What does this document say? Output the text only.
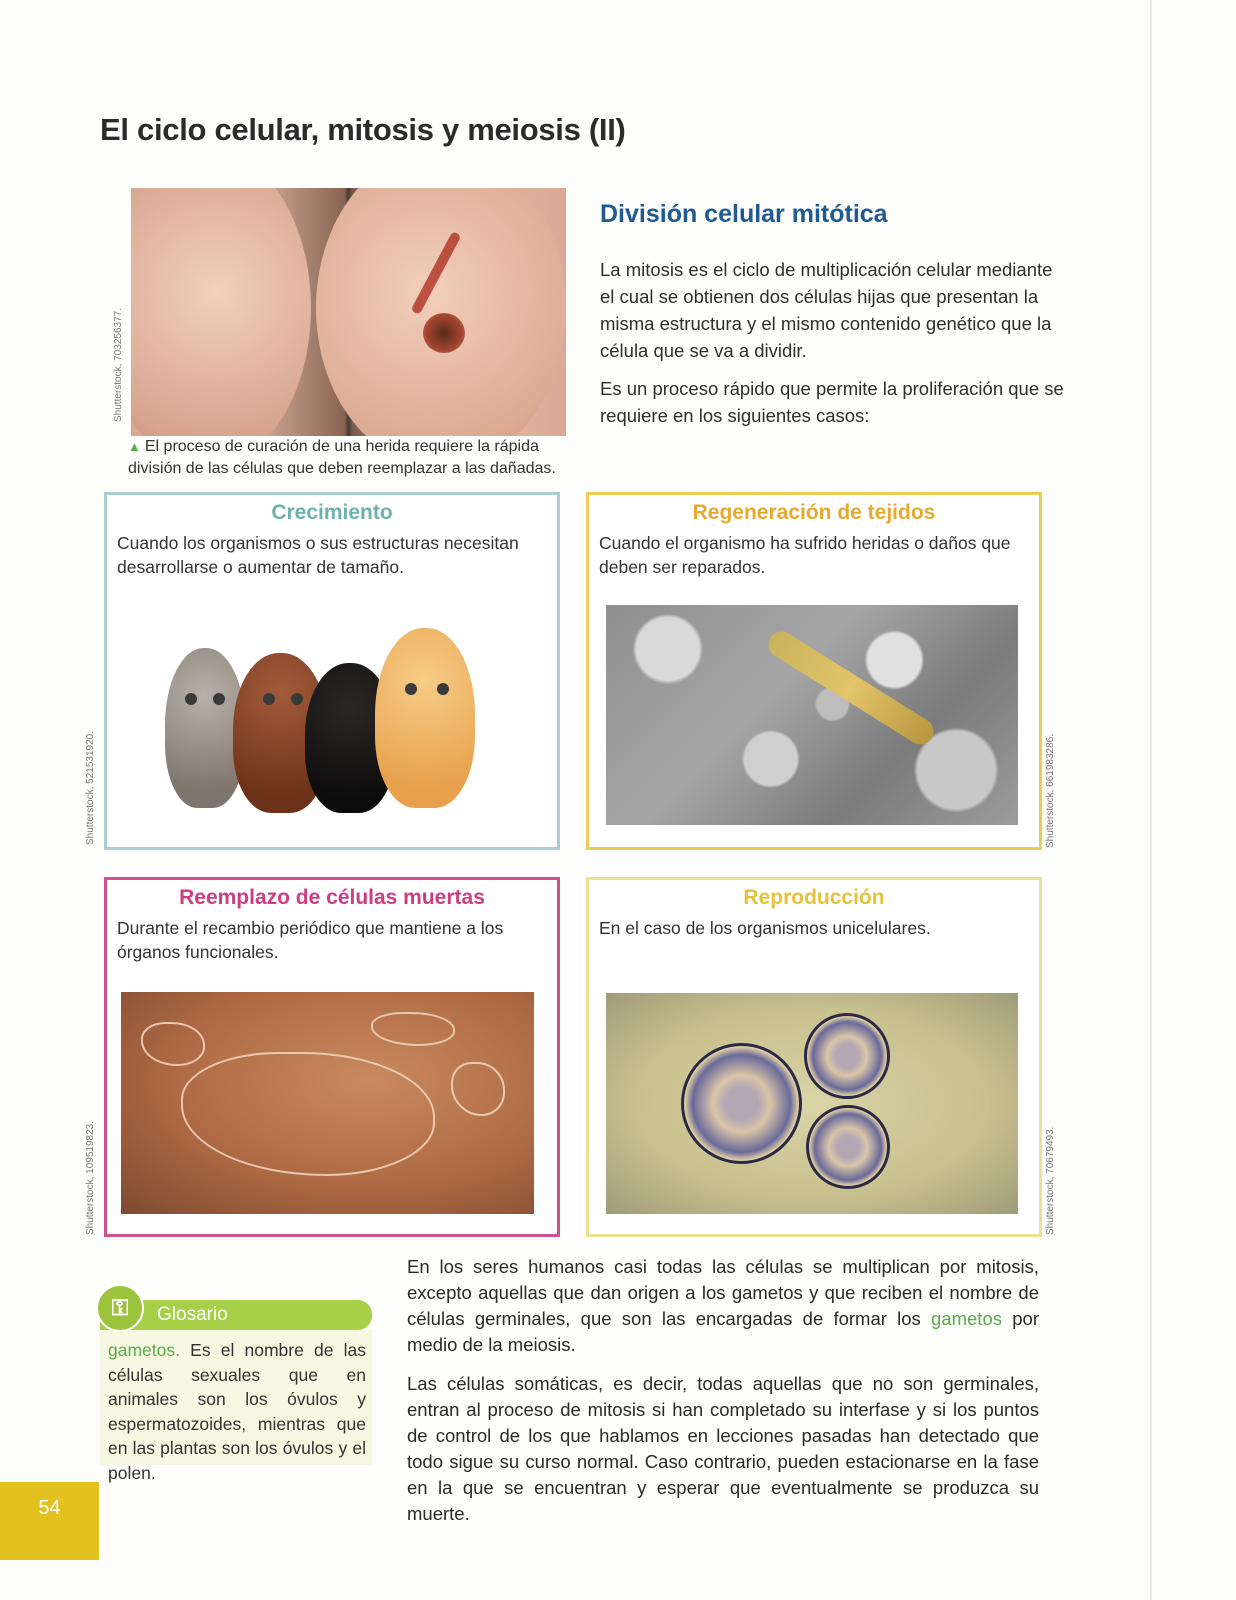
El ciclo celular, mitosis y meiosis (II)
Shutterstock, 703256377.
▲ El proceso de curación de una herida requiere la rápida división de las células que deben reemplazar a las dañadas.
División celular mitótica
La mitosis es el ciclo de multiplicación celular mediante el cual se obtienen dos células hijas que presentan la misma estructura y el mismo contenido genético que la célula que se va a dividir.
Es un proceso rápido que permite la proliferación que se requiere en los siguientes casos:
Crecimiento
Cuando los organismos o sus estructuras necesitan desarrollarse o aumentar de tamaño.
Shutterstock, 521531920.
Regeneración de tejidos
Cuando el organismo ha sufrido heridas o daños que deben ser reparados.
Shutterstock, 661983286.
Reemplazo de células muertas
Durante el recambio periódico que mantiene a los órganos funcionales.
Shutterstock, 109519823.
Reproducción
En el caso de los organismos unicelulares.
Shutterstock, 70679493.
⚿	Glosario
gametos. Es el nombre de las células sexuales que en animales son los óvulos y espermatozoides, mientras que en las plantas son los óvulos y el polen.
En los seres humanos casi todas las células se multiplican por mitosis, excepto aquellas que dan origen a los gametos y que reciben el nombre de células germinales, que son las encargadas de formar los gametos por medio de la meiosis.
Las células somáticas, es decir, todas aquellas que no son germinales, entran al proceso de mitosis si han completado su interfase y si los puntos de control de los que hablamos en lecciones pasadas han detectado que todo sigue su curso normal. Caso contrario, pueden estacionarse en la fase en la que se encuentran y esperar que eventualmente se produzca su muerte.
54
